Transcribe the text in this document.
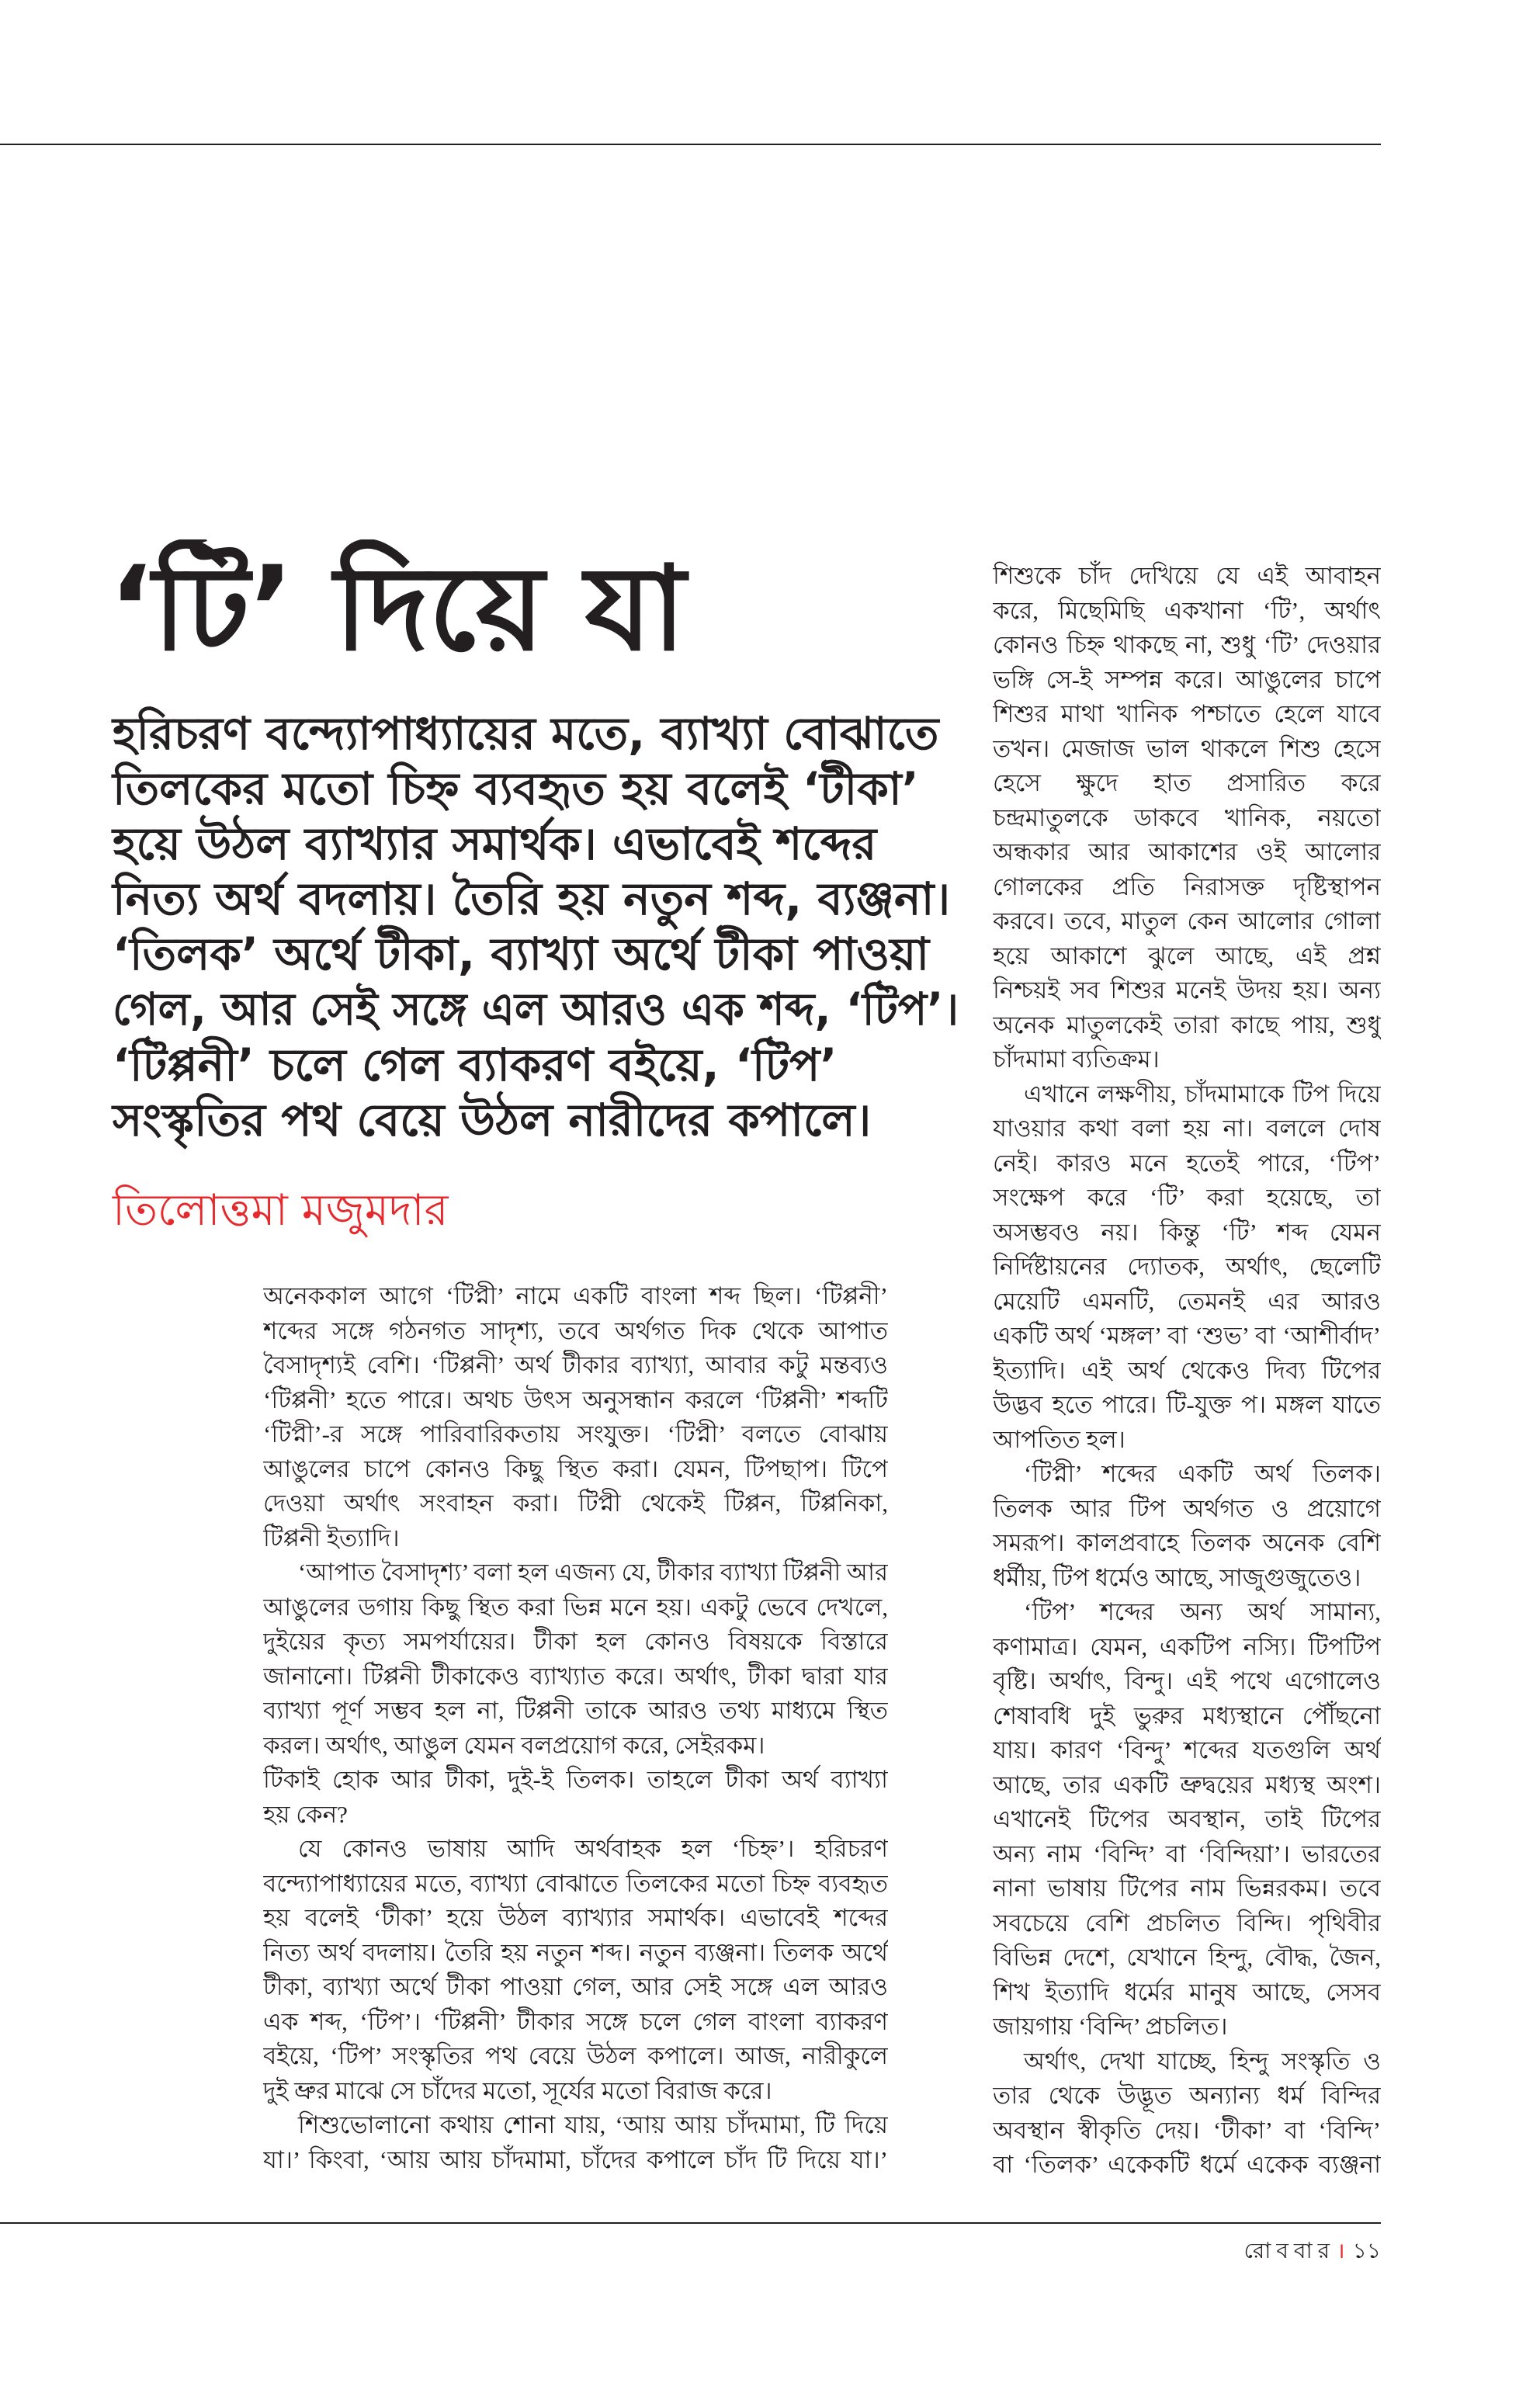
‘টি’ দিয়ে যা
হরিচরণ বন্দ্যোপাধ্যায়ের মতে, ব্যাখ্যা বোঝাতে
তিলকের মতো চিহ্ন ব্যবহৃত হয় বলেই ‘টীকা’
হয়ে উঠল ব্যাখ্যার সমার্থক। এভাবেই শব্দের
নিত্য অর্থ বদলায়। তৈরি হয় নতুন শব্দ, ব্যঞ্জনা।
‘তিলক’ অর্থে টীকা, ব্যাখ্যা অর্থে টীকা পাওয়া
গেল, আর সেই সঙ্গে এল আরও এক শব্দ, ‘টিপ’।
‘টিপ্পনী’ চলে গেল ব্যাকরণ বইয়ে, ‘টিপ’
সংস্কৃতির পথ বেয়ে উঠল নারীদের কপালে।
তিলোত্তমা মজুমদার
অনেককাল আগে ‘টিপ্নী’ নামে একটি বাংলা শব্দ ছিল। ‘টিপ্পনী’
শব্দের সঙ্গে গঠনগত সাদৃশ্য, তবে অর্থগত দিক থেকে আপাত
বৈসাদৃশ্যই বেশি। ‘টিপ্পনী’ অর্থ টীকার ব্যাখ্যা, আবার কটু মন্তব্যও
‘টিপ্পনী’ হতে পারে। অথচ উৎস অনুসন্ধান করলে ‘টিপ্পনী’ শব্দটি
‘টিপ্নী’-র সঙ্গে পারিবারিকতায় সংযুক্ত। ‘টিপ্নী’ বলতে বোঝায়
আঙুলের চাপে কোনও কিছু স্থিত করা। যেমন, টিপছাপ। টিপে
দেওয়া অর্থাৎ সংবাহন করা। টিপ্নী থেকেই টিপ্পন, টিপ্পনিকা,
টিপ্পনী ইত্যাদি।
‘আপাত বৈসাদৃশ্য’ বলা হল এজন্য যে, টীকার ব্যাখ্যা টিপ্পনী আর
আঙুলের ডগায় কিছু স্থিত করা ভিন্ন মনে হয়। একটু ভেবে দেখলে,
দুইয়ের কৃত্য সমপর্যায়ের। টীকা হল কোনও বিষয়কে বিস্তারে
জানানো। টিপ্পনী টীকাকেও ব্যাখ্যাত করে। অর্থাৎ, টীকা দ্বারা যার
ব্যাখ্যা পূর্ণ সম্ভব হল না, টিপ্পনী তাকে আরও তথ্য মাধ্যমে স্থিত
করল। অর্থাৎ, আঙুল যেমন বলপ্রয়োগ করে, সেইরকম।
টিকাই হোক আর টীকা, দুই-ই তিলক। তাহলে টীকা অর্থ ব্যাখ্যা
হয় কেন?
যে কোনও ভাষায় আদি অর্থবাহক হল ‘চিহ্ন’। হরিচরণ
বন্দ্যোপাধ্যায়ের মতে, ব্যাখ্যা বোঝাতে তিলকের মতো চিহ্ন ব্যবহৃত
হয় বলেই ‘টীকা’ হয়ে উঠল ব্যাখ্যার সমার্থক। এভাবেই শব্দের
নিত্য অর্থ বদলায়। তৈরি হয় নতুন শব্দ। নতুন ব্যঞ্জনা। তিলক অর্থে
টীকা, ব্যাখ্যা অর্থে টীকা পাওয়া গেল, আর সেই সঙ্গে এল আরও
এক শব্দ, ‘টিপ’। ‘টিপ্পনী’ টীকার সঙ্গে চলে গেল বাংলা ব্যাকরণ
বইয়ে, ‘টিপ’ সংস্কৃতির পথ বেয়ে উঠল কপালে। আজ, নারীকুলে
দুই ভ্রুর মাঝে সে চাঁদের মতো, সূর্যের মতো বিরাজ করে।
শিশুভোলানো কথায় শোনা যায়, ‘আয় আয় চাঁদমামা, টি দিয়ে
যা।’ কিংবা, ‘আয় আয় চাঁদমামা, চাঁদের কপালে চাঁদ টি দিয়ে যা।’
শিশুকে চাঁদ দেখিয়ে যে এই আবাহন
করে, মিছেমিছি একখানা ‘টি’, অর্থাৎ
কোনও চিহ্ন থাকছে না, শুধু ‘টি’ দেওয়ার
ভঙ্গি সে-ই সম্পন্ন করে। আঙুলের চাপে
শিশুর মাথা খানিক পশ্চাতে হেলে যাবে
তখন। মেজাজ ভাল থাকলে শিশু হেসে
হেসে ক্ষুদে হাত প্রসারিত করে
চন্দ্রমাতুলকে ডাকবে খানিক, নয়তো
অন্ধকার আর আকাশের ওই আলোর
গোলকের প্রতি নিরাসক্ত দৃষ্টিস্থাপন
করবে। তবে, মাতুল কেন আলোর গোলা
হয়ে আকাশে ঝুলে আছে, এই প্রশ্ন
নিশ্চয়ই সব শিশুর মনেই উদয় হয়। অন্য
অনেক মাতুলকেই তারা কাছে পায়, শুধু
চাঁদমামা ব্যতিক্রম।
এখানে লক্ষণীয়, চাঁদমামাকে টিপ দিয়ে
যাওয়ার কথা বলা হয় না। বললে দোষ
নেই। কারও মনে হতেই পারে, ‘টিপ’
সংক্ষেপ করে ‘টি’ করা হয়েছে, তা
অসম্ভবও নয়। কিন্তু ‘টি’ শব্দ যেমন
নির্দিষ্টায়নের দ্যোতক, অর্থাৎ, ছেলেটি
মেয়েটি এমনটি, তেমনই এর আরও
একটি অর্থ ‘মঙ্গল’ বা ‘শুভ’ বা ‘আশীর্বাদ’
ইত্যাদি। এই অর্থ থেকেও দিব্য টিপের
উদ্ভব হতে পারে। টি-যুক্ত প। মঙ্গল যাতে
আপতিত হল।
‘টিপ্নী’ শব্দের একটি অর্থ তিলক।
তিলক আর টিপ অর্থগত ও প্রয়োগে
সমরূপ। কালপ্রবাহে তিলক অনেক বেশি
ধর্মীয়, টিপ ধর্মেও আছে, সাজুগুজুতেও।
‘টিপ’ শব্দের অন্য অর্থ সামান্য,
কণামাত্র। যেমন, একটিপ নস্যি। টিপটিপ
বৃষ্টি। অর্থাৎ, বিন্দু। এই পথে এগোলেও
শেষাবধি দুই ভুরুর মধ্যস্থানে পৌঁছনো
যায়। কারণ ‘বিন্দু’ শব্দের যতগুলি অর্থ
আছে, তার একটি ভ্রুদ্বয়ের মধ্যস্থ অংশ।
এখানেই টিপের অবস্থান, তাই টিপের
অন্য নাম ‘বিন্দি’ বা ‘বিন্দিয়া’। ভারতের
নানা ভাষায় টিপের নাম ভিন্নরকম। তবে
সবচেয়ে বেশি প্রচলিত বিন্দি। পৃথিবীর
বিভিন্ন দেশে, যেখানে হিন্দু, বৌদ্ধ, জৈন,
শিখ ইত্যাদি ধর্মের মানুষ আছে, সেসব
জায়গায় ‘বিন্দি’ প্রচলিত।
অর্থাৎ, দেখা যাচ্ছে, হিন্দু সংস্কৃতি ও
তার থেকে উদ্ভূত অন্যান্য ধর্ম বিন্দির
অবস্থান স্বীকৃতি দেয়। ‘টীকা’ বা ‘বিন্দি’
বা ‘তিলক’ একেকটি ধর্মে একেক ব্যঞ্জনা
রোববার। ১১
